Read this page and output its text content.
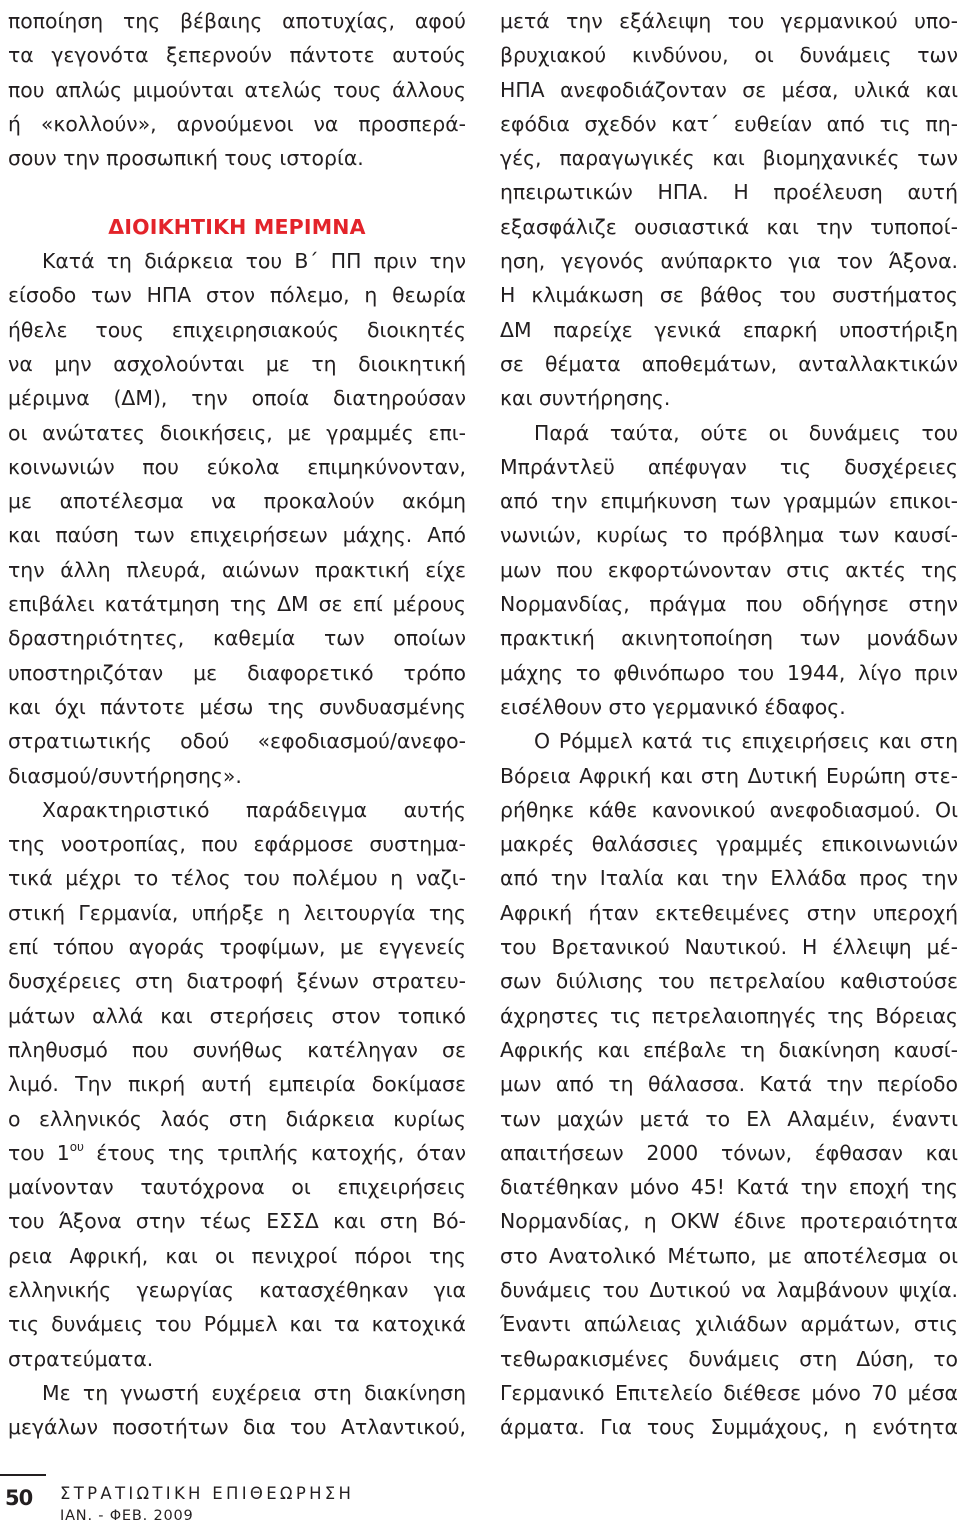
ποποίηση της βέβαιης αποτυχίας, αφού
τα γεγονότα ξεπερνούν πάντοτε αυτούς
που απλώς μιμούνται ατελώς τους άλλους
ή «κολλούν», αρνούμενοι να προσπερά-
σουν την προσωπική τους ιστορία.
ΔΙΟΙΚΗΤΙΚΗ ΜΕΡΙΜΝΑ
Κατά τη διάρκεια του Β΄ ΠΠ πριν την
είσοδο των ΗΠΑ στον πόλεμο, η θεωρία
ήθελε τους επιχειρησιακούς διοικητές
να μην ασχολούνται με τη διοικητική
μέριμνα (ΔΜ), την οποία διατηρούσαν
οι ανώτατες διοικήσεις, με γραμμές επι-
κοινωνιών που εύκολα επιμηκύνονταν,
με αποτέλεσμα να προκαλούν ακόμη
και παύση των επιχειρήσεων μάχης. Από
την άλλη πλευρά, αιώνων πρακτική είχε
επιβάλει κατάτμηση της ΔΜ σε επί μέρους
δραστηριότητες, καθεμία των οποίων
υποστηριζόταν με διαφορετικό τρόπο
και όχι πάντοτε μέσω της συνδυασμένης
στρατιωτικής οδού «εφοδιασμού/ανεφο-
διασμού/συντήρησης».
Χαρακτηριστικό παράδειγμα αυτής
της νοοτροπίας, που εφάρμοσε συστημα-
τικά μέχρι το τέλος του πολέμου η ναζι-
στική Γερμανία, υπήρξε η λειτουργία της
επί τόπου αγοράς τροφίμων, με εγγενείς
δυσχέρειες στη διατροφή ξένων στρατευ-
μάτων αλλά και στερήσεις στον τοπικό
πληθυσμό που συνήθως κατέληγαν σε
λιμό. Την πικρή αυτή εμπειρία δοκίμασε
ο ελληνικός λαός στη διάρκεια κυρίως
του $1^{o\upsilon}$ έτους της τριπλής κατοχής, όταν
μαίνονταν ταυτόχρονα οι επιχειρήσεις
του Άξονα στην τέως ΕΣΣΔ και στη Βό-
ρεια Αφρική, και οι πενιχροί πόροι της
ελληνικής γεωργίας κατασχέθηκαν για
τις δυνάμεις του Ρόμμελ και τα κατοχικά
στρατεύματα.
Με τη γνωστή ευχέρεια στη διακίνηση
μεγάλων ποσοτήτων δια του Ατλαντικού,
μετά την εξάλειψη του γερμανικού υπο-
βρυχιακού κινδύνου, οι δυνάμεις των
ΗΠΑ ανεφοδιάζονταν σε μέσα, υλικά και
εφόδια σχεδόν κατ΄ ευθείαν από τις πη-
γές, παραγωγικές και βιομηχανικές των
ηπειρωτικών ΗΠΑ. Η προέλευση αυτή
εξασφάλιζε ουσιαστικά και την τυποποί-
ηση, γεγονός ανύπαρκτο για τον Άξονα.
Η κλιμάκωση σε βάθος του συστήματος
ΔΜ παρείχε γενικά επαρκή υποστήριξη
σε θέματα αποθεμάτων, ανταλλακτικών
και συντήρησης.
Παρά ταύτα, ούτε οι δυνάμεις του
Μπράντλεϋ απέφυγαν τις δυσχέρειες
από την επιμήκυνση των γραμμών επικοι-
νωνιών, κυρίως το πρόβλημα των καυσί-
μων που εκφορτώνονταν στις ακτές της
Νορμανδίας, πράγμα που οδήγησε στην
πρακτική ακινητοποίηση των μονάδων
μάχης το φθινόπωρο του 1944, λίγο πριν
εισέλθουν στο γερμανικό έδαφος.
Ο Ρόμμελ κατά τις επιχειρήσεις και στη
Βόρεια Αφρική και στη Δυτική Ευρώπη στε-
ρήθηκε κάθε κανονικού ανεφοδιασμού. Οι
μακρές θαλάσσιες γραμμές επικοινωνιών
από την Ιταλία και την Ελλάδα προς την
Αφρική ήταν εκτεθειμένες στην υπεροχή
του Βρετανικού Ναυτικού. Η έλλειψη μέ-
σων διύλισης του πετρελαίου καθιστούσε
άχρηστες τις πετρελαιοπηγές της Βόρειας
Αφρικής και επέβαλε τη διακίνηση καυσί-
μων από τη θάλασσα. Κατά την περίοδο
των μαχών μετά το Ελ Αλαμέιν, έναντι
απαιτήσεων 2000 τόνων, έφθασαν και
διατέθηκαν μόνο 45! Κατά την εποχή της
Νορμανδίας, η OKW έδινε προτεραιότητα
στο Ανατολικό Μέτωπο, με αποτέλεσμα οι
δυνάμεις του Δυτικού να λαμβάνουν ψιχία.
Έναντι απώλειας χιλιάδων αρμάτων, στις
τεθωρακισμένες δυνάμεις στη Δύση, το
Γερμανικό Επιτελείο διέθεσε μόνο 70 μέσα
άρματα. Για τους Συμμάχους, η ενότητα
50 ΣΤΡΑΤΙΩΤΙΚΗ ΕΠΙΘΕΩΡΗΣΗ
ΙΑΝ. - ΦΕΒ. 2009
